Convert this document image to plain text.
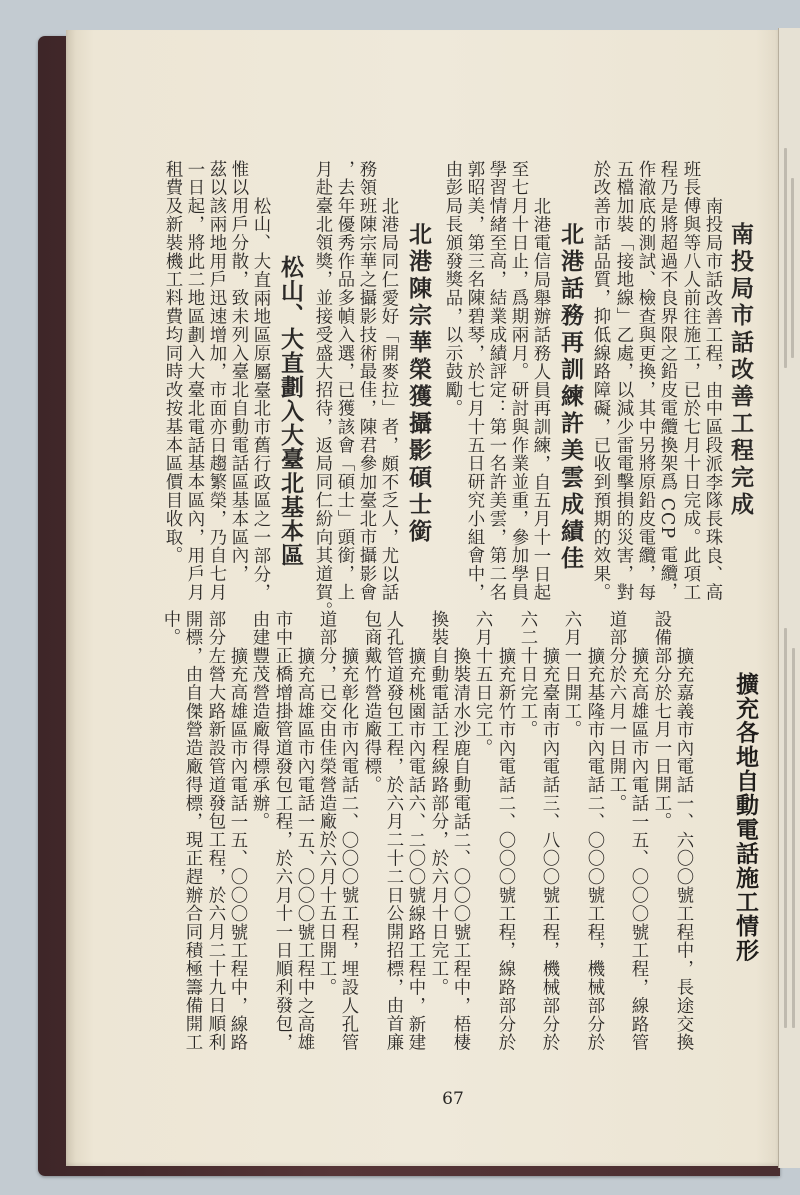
南投局市話改善工程完成
南投局市話改善工程，由中區段派李隊長珠良、高
班長傅與等八人前往施工，已於七月十日完成。此項工
程乃是將超過不良界限之鉛皮電纜換架爲 CCP 電纜，
作澈底的測試、檢查與更換，其中另將原鉛皮電纜，每
五檔加裝「接地線」乙處，以減少雷電擊損的災害，對
於改善市話品質，抑低線路障礙，已收到預期的效果。
北港話務再訓練許美雲成績佳
北港電信局舉辦話務人員再訓練，自五月十一日起
至七月十日止，爲期兩月。研討與作業並重，參加學員
學習情緒至高，結業成績評定：第一名許美雲，第二名
郭昭美，第三名陳碧琴，於七月十五日研究小組會中，
由彭局長頒發獎品，以示鼓勵。
北港陳宗華榮獲攝影碩士銜
北港局同仁愛好「開麥拉」者，頗不乏人，尤以話
務領班陳宗華之攝影技術最佳，陳君參加臺北市攝影會
，去年優秀作品多幀入選，已獲該會「碩士」頭銜，上
月赴臺北領獎，並接受盛大招待，返局同仁紛向其道賀。
松山、大直劃入大臺北基本區
松山、大直兩地區原屬臺北市舊行政區之一部分，
惟以用戶分散，致未列入臺北自動電話區基本區內，
茲以該兩地用戶迅速增加，市面亦日趨繁榮，乃自七月
一日起，將此二地區劃入大臺北電話基本區內，用戶月
租費及新裝機工料費均同時改按基本區價目收取。
擴充各地自動電話施工情形
擴充嘉義市內電話一、六〇〇號工程中，長途交換
設備部分於七月一日開工。
擴充高雄區市內電話一五、〇〇〇號工程，線路管
道部分於六月一日開工。
擴充基隆市內電話二、〇〇〇號工程，機械部分於
六月一日開工。
擴充臺南市內電話三、八〇〇號工程，機械部分於
六二十日完工。
擴充新竹市內電話二、〇〇〇號工程，線路部分於
六月十五日完工。
換裝清水沙鹿自動電話二、〇〇〇號工程中，梧棲
換裝自動電話工程線路部分，於六月十日完工。
擴充桃園市內電話六、二〇〇號線路工程中，新建
人孔管道發包工程，於六月二十二日公開招標，由首廉
包商戴竹營造廠得標。
擴充彰化市內電話二、〇〇〇號工程，埋設人孔管
道部分，已交由佳榮營造廠於六月十五日開工。
擴充高雄區市內電話一五、〇〇〇號工程中之高雄
市中正橋增掛管道發包工程，於六月十一日順利發包，
由建豐茂營造廠得標承辦。
擴充高雄區市內電話一五、〇〇〇號工程中，線路
部分左營大路新設管道發包工程，於六月二十九日順利
開標，由自傑營造廠得標，現正趕辦合同積極籌備開工
中。
67
